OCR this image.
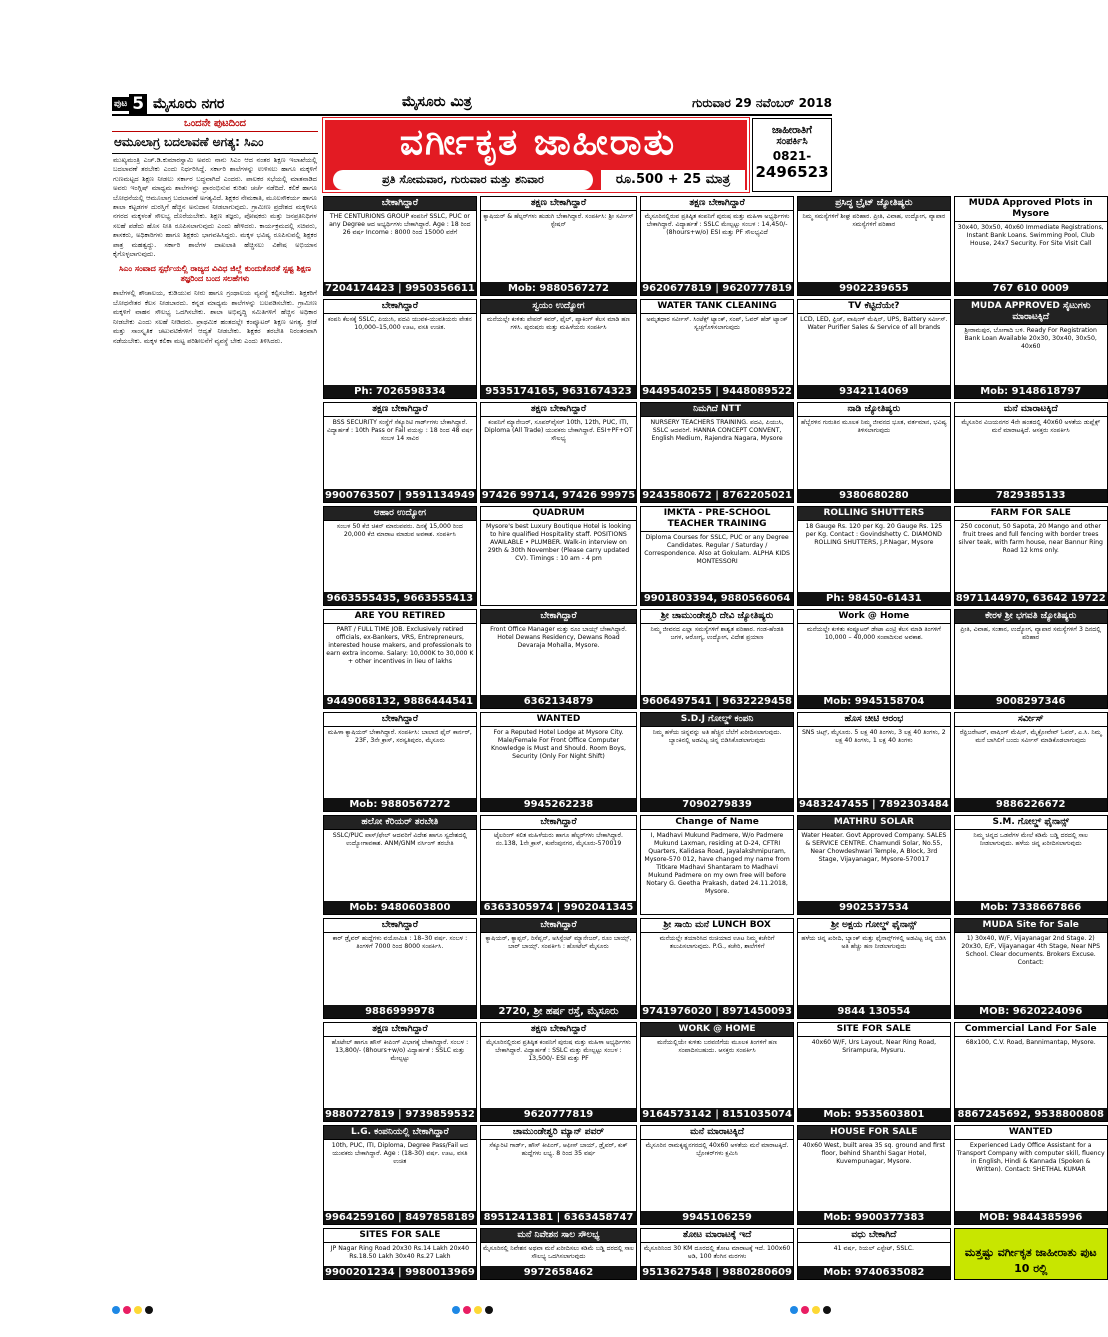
ಪುಟ 5 ಮೈಸೂರು ನಗರ	ಮೈಸೂರು ಮಿತ್ರ	ಗುರುವಾರ 29 ನವೆಂಬರ್ 2018
ಒಂದನೇ ಪುಟದಿಂದ
ಆಮೂಲಾಗ್ರ ಬದಲಾವಣೆ ಅಗತ್ಯ: ಸಿಎಂ
ಮುಖ್ಯಮಂತ್ರಿ ಎಚ್.ಡಿ.ಕುಮಾರಸ್ವಾಮಿ ಅವರು ನಾನು ಸಿಎಂ ಆದ ನಂತರ ಶಿಕ್ಷಣ ಇಲಾಖೆಯಲ್ಲಿ ಬದಲಾವಣೆ ತರಬೇಕು ಎಂದು ನಿರ್ಧರಿಸಿದ್ದೆ. ಸರ್ಕಾರಿ ಶಾಲೆಗಳನ್ನು ಉಳಿಸಲು ಹಾಗೂ ಮಕ್ಕಳಿಗೆ ಗುಣಮಟ್ಟದ ಶಿಕ್ಷಣ ನೀಡಲು ಸರ್ಕಾರ ಬದ್ಧವಾಗಿದೆ ಎಂದರು. ಪಾಲಕರ ಸಭೆಯಲ್ಲಿ ಮಾತನಾಡಿದ ಅವರು ಇಂಗ್ಲಿಷ್ ಮಾಧ್ಯಮ ಶಾಲೆಗಳನ್ನು ಪ್ರಾರಂಭಿಸುವ ಕುರಿತು ಚರ್ಚೆ ನಡೆದಿದೆ. ಕಲಿಕೆ ಹಾಗೂ ಬೋಧನೆಯಲ್ಲಿ ಆಮೂಲಾಗ್ರ ಬದಲಾವಣೆ ಅಗತ್ಯವಿದೆ. ಶಿಕ್ಷಕರ ನೇಮಕಾತಿ, ಮೂಲಸೌಕರ್ಯ ಹಾಗೂ ಶಾಲಾ ಕಟ್ಟಡಗಳ ದುರಸ್ತಿಗೆ ಹೆಚ್ಚಿನ ಅನುದಾನ ನೀಡಲಾಗುವುದು. ಗ್ರಾಮೀಣ ಪ್ರದೇಶದ ಮಕ್ಕಳಿಗೂ ನಗರದ ಮಕ್ಕಳಂತೆ ಸೌಲಭ್ಯ ದೊರೆಯಬೇಕು. ಶಿಕ್ಷಣ ತಜ್ಞರು, ಪೋಷಕರು ಮತ್ತು ಜನಪ್ರತಿನಿಧಿಗಳ ಸಲಹೆ ಪಡೆದು ಹೊಸ ನೀತಿ ರೂಪಿಸಲಾಗುವುದು ಎಂದು ಹೇಳಿದರು. ಕಾರ್ಯಕ್ರಮದಲ್ಲಿ ಸಚಿವರು, ಶಾಸಕರು, ಅಧಿಕಾರಿಗಳು ಹಾಗೂ ಶಿಕ್ಷಕರು ಭಾಗವಹಿಸಿದ್ದರು. ಮಕ್ಕಳ ಭವಿಷ್ಯ ರೂಪಿಸುವಲ್ಲಿ ಶಿಕ್ಷಕರ ಪಾತ್ರ ಮಹತ್ವದ್ದು. ಸರ್ಕಾರಿ ಶಾಲೆಗಳ ದಾಖಲಾತಿ ಹೆಚ್ಚಿಸಲು ವಿಶೇಷ ಅಭಿಯಾನ ಕೈಗೊಳ್ಳಲಾಗುವುದು.
ಸಿಎಂ ಸಂವಾದ ಸ್ಪರ್ಧೆಯಲ್ಲಿ ರಾಜ್ಯದ ವಿವಿಧ ಜಿಲ್ಲೆ ಕುಂದುಕೊರತೆ ಸ್ಪಷ್ಟ ಶಿಕ್ಷಣ ತಜ್ಞರಿಂದ ಬಂದ ಸಲಹೆಗಳು
ಶಾಲೆಗಳಲ್ಲಿ ಶೌಚಾಲಯ, ಕುಡಿಯುವ ನೀರು ಹಾಗೂ ಗ್ರಂಥಾಲಯ ವ್ಯವಸ್ಥೆ ಕಲ್ಪಿಸಬೇಕು. ಶಿಕ್ಷಕರಿಗೆ ಬೋಧನೇತರ ಕೆಲಸ ನೀಡಬಾರದು. ಕನ್ನಡ ಮಾಧ್ಯಮ ಶಾಲೆಗಳನ್ನು ಬಲಪಡಿಸಬೇಕು. ಗ್ರಾಮೀಣ ಮಕ್ಕಳಿಗೆ ವಾಹನ ಸೌಲಭ್ಯ ಒದಗಿಸಬೇಕು. ಶಾಲಾ ಅಭಿವೃದ್ಧಿ ಸಮಿತಿಗಳಿಗೆ ಹೆಚ್ಚಿನ ಅಧಿಕಾರ ನೀಡಬೇಕು ಎಂದು ಸಲಹೆ ನೀಡಿದರು. ಪ್ರಾಥಮಿಕ ಹಂತದಲ್ಲೇ ಕಂಪ್ಯೂಟರ್ ಶಿಕ್ಷಣ ಅಗತ್ಯ. ಕ್ರೀಡೆ ಮತ್ತು ಸಾಂಸ್ಕೃತಿಕ ಚಟುವಟಿಕೆಗಳಿಗೆ ಆದ್ಯತೆ ನೀಡಬೇಕು. ಶಿಕ್ಷಕರ ತರಬೇತಿ ನಿರಂತರವಾಗಿ ನಡೆಯಬೇಕು. ಮಕ್ಕಳ ಕಲಿಕಾ ಮಟ್ಟ ಪರಿಶೀಲನೆಗೆ ವ್ಯವಸ್ಥೆ ಬೇಕು ಎಂದು ತಿಳಿಸಿದರು.
ವರ್ಗೀಕೃತ ಜಾಹೀರಾತು
ಪ್ರತಿ ಸೋಮವಾರ, ಗುರುವಾರ ಮತ್ತು ಶನಿವಾರ	ರೂ.500 + 25 ಮಾತ್ರ
ಜಾಹೀರಾತಿಗೆ
ಸಂಪರ್ಕಿಸಿ
0821-
2496523
ಬೇಕಾಗಿದ್ದಾರೆ
THE CENTURIONS GROUP ಕಂಪನಿಗೆ SSLC, PUC or any Degree ಆದ ಅಭ್ಯರ್ಥಿಗಳು ಬೇಕಾಗಿದ್ದಾರೆ. Age : 18 ರಿಂದ 26 ವರ್ಷ Income : 8000 ರಿಂದ 15000 ವರೆಗೆ
7204174423 | 9950356611
ತಕ್ಷಣ ಬೇಕಾಗಿದ್ದಾರೆ
ಕ್ಯಾಷಿಯರ್ & ಹೆಲ್ಪರ್‌ಗಳು ಹುಡುಗಿ ಬೇಕಾಗಿದ್ದಾರೆ. ಸಂಪರ್ಕಿಸಿ: ಶ್ರೀ ಸರ್ವೀಸ್ ಸ್ಟೇಷನ್
Mob: 9880567272
ತಕ್ಷಣ ಬೇಕಾಗಿದ್ದಾರೆ
ಮೈಸೂರಿನಲ್ಲಿರುವ ಪ್ರತಿಷ್ಠಿತ ಕಂಪನಿಗೆ ಪುರುಷ ಮತ್ತು ಮಹಿಳಾ ಅಭ್ಯರ್ಥಿಗಳು ಬೇಕಾಗಿದ್ದಾರೆ. ವಿದ್ಯಾರ್ಹತೆ : SSLC ಮೇಲ್ಪಟ್ಟು ಸಂಬಳ : 14,450/- (8hours+w/o) ESI ಮತ್ತು PF ಸೌಲಭ್ಯವಿದೆ
9620677819 | 9620777819
ಪ್ರಸಿದ್ಧ ಬ್ರೈಟ್ ಜ್ಯೋತಿಷ್ಯರು
ನಿಮ್ಮ ಸಮಸ್ಯೆಗಳಿಗೆ ಶೀಘ್ರ ಪರಿಹಾರ. ಪ್ರೀತಿ, ವಿವಾಹ, ಉದ್ಯೋಗ, ವ್ಯಾಪಾರ ಸಮಸ್ಯೆಗಳಿಗೆ ಪರಿಹಾರ
9902239655
MUDA Approved Plots in Mysore
30x40, 30x50, 40x60 Immediate Registrations, Instant Bank Loans. Swimming Pool, Club House, 24x7 Security. For Site Visit Call
767 610 0009
ಬೇಕಾಗಿದ್ದಾರೆ
ಕಂಪನಿ ಕೆಲಸಕ್ಕೆ SSLC, ಪಿಯುಸಿ, ಪದವಿ ಯುವಕ-ಯುವತಿಯರು ವೇತನ 10,000–15,000 ಊಟ, ವಸತಿ ಉಚಿತ.
Ph: 7026598334
ಸ್ವಯಂ ಉದ್ಯೋಗ
ಮನೆಯಲ್ಲೇ ಕುಳಿತು ಪೇಪರ್ ಕವರ್, ಫೈಲ್, ಪ್ಯಾಕಿಂಗ್ ಕೆಲಸ ಮಾಡಿ ಹಣ ಗಳಿಸಿ. ಪುರುಷರು ಮತ್ತು ಮಹಿಳೆಯರು ಸಂಪರ್ಕಿಸಿ
9535174165, 9631674323
WATER TANK CLEANING
ಅಮೃತಧಾರ ಸರ್ವೀಸ್. ಸಿಂಟೆಕ್ಸ್ ಟ್ಯಾಂಕ್, ಸಂಪ್, ಓವರ್ ಹೆಡ್ ಟ್ಯಾಂಕ್ ಸ್ವಚ್ಛಗೊಳಿಸಲಾಗುವುದು
9449540255 | 9448089522
TV ಕೆಟ್ಟಿದೆಯೇ?
LCD, LED, ಫ್ರಿಜ್, ವಾಷಿಂಗ್ ಮೆಷಿನ್, UPS, Battery ಸರ್ವೀಸ್. Water Purifier Sales & Service of all brands
9342114069
MUDA APPROVED ಸೈಟುಗಳು ಮಾರಾಟಕ್ಕಿದೆ
ಶ್ರೀರಾಮಪುರ, ಬೋಗಾದಿ ಬಳಿ. Ready For Registration Bank Loan Available 20x30, 30x40, 30x50, 40x60
Mob: 9148618797
ತಕ್ಷಣ ಬೇಕಾಗಿದ್ದಾರೆ
BSS SECURITY ಸಂಸ್ಥೆಗೆ ಸೆಕ್ಯೂರಿಟಿ ಗಾರ್ಡ್‌ಗಳು ಬೇಕಾಗಿದ್ದಾರೆ. ವಿದ್ಯಾರ್ಹತೆ : 10th Pass or Fail ವಯಸ್ಸು : 18 ರಿಂದ 48 ವರ್ಷ ಸಂಬಳ 14 ಸಾವಿರ
9900763507 | 9591134949
ತಕ್ಷಣ ಬೇಕಾಗಿದ್ದಾರೆ
ಕಂಪನಿಗೆ ಮ್ಯಾನೇಜರ್, ಸೂಪರ್‌ವೈಸರ್ 10th, 12th, PUC, ITI, Diploma (All Trade) ಯುವಕರು ಬೇಕಾಗಿದ್ದಾರೆ. ESI+PF+OT ಸೌಲಭ್ಯ
97426 99714, 97426 99975
ನಿಮಗಿದೆ NTT
NURSERY TEACHERS TRAINING. ಪದವಿ, ಪಿಯುಸಿ, SSLC ಆದವರಿಗೆ. HANNA CONCEPT CONVENT, English Medium, Rajendra Nagara, Mysore
9243580672 | 8762205021
ನಾಡಿ ಜ್ಯೋತಿಷ್ಯರು
ಹೆಬ್ಬೆರಳಿನ ಗುರುತಿನ ಮೂಲಕ ನಿಮ್ಮ ಜೀವನದ ಭೂತ, ವರ್ತಮಾನ, ಭವಿಷ್ಯ ತಿಳಿಸಲಾಗುವುದು
9380680280
ಮನೆ ಮಾರಾಟಕ್ಕಿದೆ
ಮೈಸೂರಿನ ವಿಜಯನಗರ 4ನೇ ಹಂತದಲ್ಲಿ 40x60 ಅಳತೆಯ ಡುಪ್ಲೆಕ್ಸ್ ಮನೆ ಮಾರಾಟಕ್ಕಿದೆ. ಆಸಕ್ತರು ಸಂಪರ್ಕಿಸಿ
7829385133
ಆಹಾರ ಉದ್ಯೋಗ
ಸಂಬಳ 50 ಕೆಜಿ ಚಿಕನ್ ಮಾರುವವರು. ದಿನಕ್ಕೆ 15,000 ರಿಂದ 20,000 ಕೆಜಿ ಮಾರಾಟ ಮಾಡುವ ಅವಕಾಶ. ಸಂಪರ್ಕಿಸಿ
9663555435, 9663555413
QUADRUM
Mysore's best Luxury Boutique Hotel is looking to hire qualified Hospitality staff. POSITIONS AVAILABLE • PLUMBER. Walk-in interview on 29th & 30th November (Please carry updated CV). Timings : 10 am - 4 pm
IMKTA - PRE-SCHOOL TEACHER TRAINING
Diploma Courses for SSLC, PUC or any Degree Candidates. Regular / Saturday / Correspondence. Also at Gokulam. ALPHA KIDS MONTESSORI
9901803394, 9880566064
ROLLING SHUTTERS
18 Gauge Rs. 120 per Kg. 20 Gauge Rs. 125 per Kg. Contact : Govindshetty C. DIAMOND ROLLING SHUTTERS, J.P.Nagar, Mysore
Ph: 98450-61431
FARM FOR SALE
250 coconut, 50 Sapota, 20 Mango and other fruit trees and full fencing with border trees silver teak, with farm house, near Bannur Ring Road 12 kms only.
8971144970, 63642 19722
ARE YOU RETIRED
PART / FULL TIME JOB. Exclusively retired officials, ex-Bankers, VRS, Entrepreneurs, interested house makers, and professionals to earn extra income. Salary: 10,000K to 30,000 K + other incentives in lieu of lakhs
9449068132, 9886444541
ಬೇಕಾಗಿದ್ದಾರೆ
Front Office Manager ಮತ್ತು ರೂಂ ಬಾಯ್ಸ್ ಬೇಕಾಗಿದ್ದಾರೆ. Hotel Dewans Residency, Dewans Road Devaraja Mohalla, Mysore.
6362134879
ಶ್ರೀ ಚಾಮುಂಡೇಶ್ವರಿ ದೇವಿ ಜ್ಯೋತಿಷ್ಯರು
ನಿಮ್ಮ ಜೀವನದ ಎಲ್ಲಾ ಸಮಸ್ಯೆಗಳಿಗೆ ಶಾಶ್ವತ ಪರಿಹಾರ. ಗಂಡ-ಹೆಂಡತಿ ಜಗಳ, ಆರೋಗ್ಯ, ಉದ್ಯೋಗ, ವಿದೇಶ ಪ್ರಯಾಣ
9606497541 | 9632229458
Work @ Home
ಮನೆಯಲ್ಲೇ ಕುಳಿತು ಕಂಪ್ಯೂಟರ್ ಡೇಟಾ ಎಂಟ್ರಿ ಕೆಲಸ ಮಾಡಿ ತಿಂಗಳಿಗೆ 10,000 – 40,000 ಸಂಪಾದಿಸುವ ಅವಕಾಶ.
Mob: 9945158704
ಕೇರಳ ಶ್ರೀ ಭಗವತಿ ಜ್ಯೋತಿಷ್ಯರು
ಪ್ರೀತಿ, ವಿವಾಹ, ಸಂತಾನ, ಉದ್ಯೋಗ, ವ್ಯಾಪಾರ ಸಮಸ್ಯೆಗಳಿಗೆ 3 ದಿನದಲ್ಲಿ ಪರಿಹಾರ
9008297346
ಬೇಕಾಗಿದ್ದಾರೆ
ಮಹಿಳಾ ಕ್ಯಾಷಿಯರ್ ಬೇಕಾಗಿದ್ದಾರೆ. ಸಂಪರ್ಕಿಸಿ: ಬಾಲಾಜಿ ಫೈನ್ ಕಾರ್ನರ್, 23F, 3ನೇ ಕ್ರಾಸ್, ಸರಸ್ವತಿಪುರಂ, ಮೈಸೂರು
Mob: 9880567272
WANTED
For a Reputed Hotel Lodge at Mysore City. Male/Female For Front Office Computer Knowledge is Must and Should. Room Boys, Security (Only For Night Shift)
9945262238
S.D.J ಗೋಲ್ಡ್ ಕಂಪನಿ
ನಿಮ್ಮ ಹಳೆಯ ಚಿನ್ನವನ್ನು ಅತಿ ಹೆಚ್ಚಿನ ಬೆಲೆಗೆ ಖರೀದಿಸಲಾಗುವುದು. ಬ್ಯಾಂಕಿನಲ್ಲಿ ಅಡವಿಟ್ಟ ಚಿನ್ನ ಬಿಡಿಸಿಕೊಡಲಾಗುವುದು
7090279839
ಹೊಸ ಚೀಟಿ ಆರಂಭ
SNS ಚಿಟ್ಸ್, ಮೈಸೂರು. 5 ಲಕ್ಷ 40 ತಿಂಗಳು, 3 ಲಕ್ಷ 40 ತಿಂಗಳು, 2 ಲಕ್ಷ 40 ತಿಂಗಳು, 1 ಲಕ್ಷ 40 ತಿಂಗಳು
9483247455 | 7892303484
ಸರ್ವೀಸ್
ರೆಫ್ರಿಜರೇಟರ್, ವಾಷಿಂಗ್ ಮೆಷಿನ್, ಮೈಕ್ರೋವೇವ್ ಓವನ್, ಎ.ಸಿ. ನಿಮ್ಮ ಮನೆ ಬಾಗಿಲಿಗೆ ಬಂದು ಸರ್ವೀಸ್ ಮಾಡಿಕೊಡಲಾಗುವುದು
9886226672
ಹಲೋ ಕೆರಿಯರ್ ತರಬೇತಿ
SSLC/PUC ಪಾಸ್/ಫೇಲ್ ಆದವರಿಗೆ ವಿದೇಶ ಹಾಗೂ ಸ್ವದೇಶದಲ್ಲಿ ಉದ್ಯೋಗಾವಕಾಶ. ANM/GNM ನರ್ಸಿಂಗ್ ತರಬೇತಿ
Mob: 9480603800
ಬೇಕಾಗಿದ್ದಾರೆ
ಟೈಲರಿಂಗ್ ಕಲಿತ ಮಹಿಳೆಯರು ಹಾಗೂ ಹೆಲ್ಪರ್‌ಗಳು ಬೇಕಾಗಿದ್ದಾರೆ. ನಂ.138, 1ನೇ ಕ್ರಾಸ್, ಕುವೆಂಪುನಗರ, ಮೈಸೂರು-570019
6363305974 | 9902041345
Change of Name
I, Madhavi Mukund Padmere, W/o Padmere Mukund Laxman, residing at D-24, CFTRI Quarters, Kalidasa Road, Jayalakshmipuram, Mysore-570 012, have changed my name from Titkare Madhavi Shantaram to Madhavi Mukund Padmere on my own free will before Notary G. Geetha Prakash, dated 24.11.2018, Mysore.
MATHRU SOLAR
Water Heater. Govt Approved Company. SALES & SERVICE CENTRE. Chamundi Solar, No.55, Near Chowdeshwari Temple, A Block, 3rd Stage, Vijayanagar, Mysore-570017
9902537534
S.M. ಗೋಲ್ಡ್ ಫೈನಾನ್ಸ್
ನಿಮ್ಮ ಚಿನ್ನದ ಒಡವೆಗಳ ಮೇಲೆ ಕಡಿಮೆ ಬಡ್ಡಿ ದರದಲ್ಲಿ ಸಾಲ ನೀಡಲಾಗುವುದು. ಹಳೆಯ ಚಿನ್ನ ಖರೀದಿಸಲಾಗುವುದು
Mob: 7338667866
ಬೇಕಾಗಿದ್ದಾರೆ
ಕಾರ್ ಡ್ರೈವರ್ ಹುದ್ದೆಗಳು ವಯೋಮಿತಿ : 18–30 ವರ್ಷ. ಸಂಬಳ : ತಿಂಗಳಿಗೆ 7000 ರಿಂದ 8000 ಸಂಪರ್ಕಿಸಿ.
9886999978
ಬೇಕಾಗಿದ್ದಾರೆ
ಕ್ಯಾಷಿಯರ್, ಕ್ಯಾಪ್ಟನ್, ರಿಸೆಪ್ಷನ್, ಅಸಿಸ್ಟೆಂಟ್ ಮ್ಯಾನೇಜರ್, ರೂಂ ಬಾಯ್ಸ್, ಬಾರ್ ಬಾಯ್ಸ್. ಸಂಪರ್ಕಿಸಿ : ಹೋಟೆಲ್ ಮೈಸೂರು
2720, ಶ್ರೀ ಹರ್ಷ ರಸ್ತೆ, ಮೈಸೂರು
ಶ್ರೀ ಸಾಯಿ ಮನೆ LUNCH BOX
ಮನೆಯಲ್ಲೇ ತಯಾರಿಸಿದ ರುಚಿಯಾದ ಊಟ ನಿಮ್ಮ ಕಚೇರಿಗೆ ತಲುಪಿಸಲಾಗುವುದು. P.G., ಕಚೇರಿ, ಶಾಲೆಗಳಿಗೆ
9741976020 | 8971450093
ಶ್ರೀ ಅಕ್ಷಯ ಗೋಲ್ಡ್ ಫೈನಾನ್ಸ್
ಹಳೆಯ ಚಿನ್ನ ಖರೀದಿ, ಬ್ಯಾಂಕ್ ಮತ್ತು ಫೈನಾನ್ಸ್‌ಗಳಲ್ಲಿ ಅಡವಿಟ್ಟ ಚಿನ್ನ ಬಿಡಿಸಿ ಅತಿ ಹೆಚ್ಚು ಹಣ ನೀಡಲಾಗುವುದು
9844 130554
MUDA Site for Sale
1) 30x40, W/F, Vijayanagar 2nd Stage. 2) 20x30, E/F, Vijayanagar 4th Stage, Near NPS School. Clear documents. Brokers Excuse. Contact:
MOB: 9620224096
ತಕ್ಷಣ ಬೇಕಾಗಿದ್ದಾರೆ
ಹೊಟೇಲ್ ಹಾಗೂ ಹೌಸ್ ಕೀಪಿಂಗ್ ವಿಭಾಗಕ್ಕೆ ಬೇಕಾಗಿದ್ದಾರೆ. ಸಂಬಳ : 13,800/- (8hours+w/o) ವಿದ್ಯಾರ್ಹತೆ : SSLC ಮತ್ತು ಮೇಲ್ಪಟ್ಟು
9880727819 | 9739859532
ತಕ್ಷಣ ಬೇಕಾಗಿದ್ದಾರೆ
ಮೈಸೂರಿನಲ್ಲಿರುವ ಪ್ರತಿಷ್ಠಿತ ಕಂಪನಿಗೆ ಪುರುಷ ಮತ್ತು ಮಹಿಳಾ ಅಭ್ಯರ್ಥಿಗಳು ಬೇಕಾಗಿದ್ದಾರೆ. ವಿದ್ಯಾರ್ಹತೆ : SSLC ಮತ್ತು ಮೇಲ್ಪಟ್ಟು ಸಂಬಳ : 13,500/- ESI ಮತ್ತು PF
9620777819
WORK @ HOME
ಮನೆಯಲ್ಲಿಯೇ ಕುಳಿತು ಬರವಣಿಗೆಯ ಮೂಲಕ ತಿಂಗಳಿಗೆ ಹಣ ಸಂಪಾದಿಸಬಹುದು. ಆಸಕ್ತರು ಸಂಪರ್ಕಿಸಿ
9164573142 | 8151035074
SITE FOR SALE
40x60 W/F, Urs Layout, Near Ring Road, Srirampura, Mysuru.
Mob: 9535603801
Commercial Land For Sale
68x100, C.V. Road, Bannimantap, Mysore.
8867245692, 9538800808
L.G. ಕಂಪನಿಯಲ್ಲಿ ಬೇಕಾಗಿದ್ದಾರೆ
10th, PUC, ITI, Diploma, Degree Pass/Fail ಆದ ಯುವಕರು ಬೇಕಾಗಿದ್ದಾರೆ. Age : (18-30) ವರ್ಷ. ಊಟ, ವಸತಿ ಉಚಿತ
9964259160 | 8497858189
ಚಾಮುಂಡೇಶ್ವರಿ ಮ್ಯಾನ್ ಪವರ್
ಸೆಕ್ಯೂರಿಟಿ ಗಾರ್ಡ್, ಹೌಸ್ ಕೀಪಿಂಗ್, ಆಫೀಸ್ ಬಾಯ್, ಡ್ರೈವರ್, ಕುಕ್ ಹುದ್ದೆಗಳು ಲಭ್ಯ. 8 ರಿಂದ 35 ವರ್ಷ
8951241381 | 6363458747
ಮನೆ ಮಾರಾಟಕ್ಕಿದೆ
ಮೈಸೂರಿನ ರಾಮಕೃಷ್ಣನಗರದಲ್ಲಿ 40x60 ಅಳತೆಯ ಮನೆ ಮಾರಾಟಕ್ಕಿದೆ. ಬ್ರೋಕರ್‌ಗಳು ಕ್ಷಮಿಸಿ
9945106259
HOUSE FOR SALE
40x60 West, built area 35 sq. ground and first floor, behind Shanthi Sagar Hotel, Kuvempunagar, Mysore.
Mob: 9900377383
WANTED
Experienced Lady Office Assistant for a Transport Company with computer skill, fluency in English, Hindi & Kannada (Spoken & Written). Contact: SHETHAL KUMAR
MOB: 9844385996
SITES FOR SALE
JP Nagar Ring Road 20x30 Rs.14 Lakh 20x40 Rs.18.50 Lakh 30x40 Rs.27 Lakh
9900201234 | 9980013969
ಮನೆ ನಿವೇಶನ ಸಾಲ ಸೌಲಭ್ಯ
ಮೈಸೂರಿನಲ್ಲಿ ನಿವೇಶನ ಅಥವಾ ಮನೆ ಖರೀದಿಸಲು ಕಡಿಮೆ ಬಡ್ಡಿ ದರದಲ್ಲಿ ಸಾಲ ಸೌಲಭ್ಯ ಒದಗಿಸಲಾಗುವುದು
9972658462
ತೋಟ ಮಾರಾಟಕ್ಕೆ ಇದೆ
ಮೈಸೂರಿನಿಂದ 30 KM ದೂರದಲ್ಲಿ ತೋಟ ಮಾರಾಟಕ್ಕೆ ಇದೆ. 100x60 ಅಡಿ, 100 ತೆಂಗಿನ ಮರಗಳು
9513627548 | 9880280609
ವಧು ಬೇಕಾಗಿದೆ
41 ವರ್ಷ, ರಿಯಲ್ ಎಸ್ಟೇಟ್, SSLC.
Mob: 9740635082
ಮತ್ತಷ್ಟು ವರ್ಗೀಕೃತ ಜಾಹೀರಾತು ಪುಟ 10 ರಲ್ಲಿ
